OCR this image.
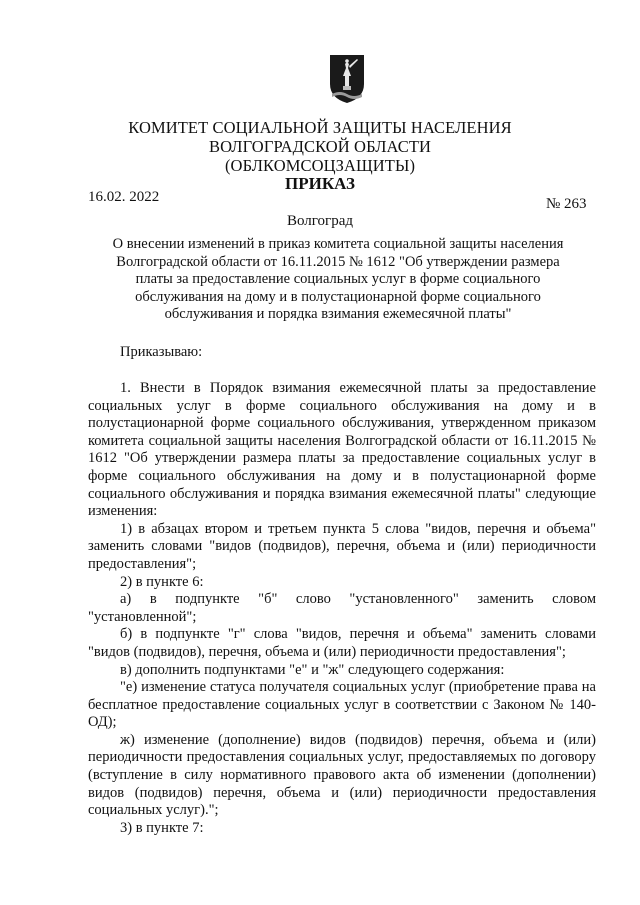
КОМИТЕТ СОЦИАЛЬНОЙ ЗАЩИТЫ НАСЕЛЕНИЯ
ВОЛГОГРАДСКОЙ ОБЛАСТИ
(ОБЛКОМСОЦЗАЩИТЫ)
ПРИКАЗ
16.02. 2022	№ 263
Волгоград
О внесении изменений в приказ комитета социальной защиты населения Волгоградской области от 16.11.2015 № 1612 "Об утверждении размера платы за предоставление социальных услуг в форме социального обслуживания на дому и в полустационарной форме социального обслуживания и порядка взимания ежемесячной платы"
Приказываю:

1. Внести в Порядок взимания ежемесячной платы за предоставление социальных услуг в форме социального обслуживания на дому и в полустационарной форме социального обслуживания, утвержденном приказом комитета социальной защиты населения Волгоградской области от 16.11.2015 № 1612 "Об утверждении размера платы за предоставление социальных услуг в форме социального обслуживания на дому и в полустационарной форме социального обслуживания и порядка взимания ежемесячной платы" следующие изменения:

1) в абзацах втором и третьем пункта 5 слова "видов, перечня и объема" заменить словами "видов (подвидов), перечня, объема и (или) периодичности предоставления";

2) в пункте 6:

а) в подпункте "б" слово "установленного" заменить словом "установленной";

б) в подпункте "г" слова "видов, перечня и объема" заменить словами "видов (подвидов), перечня, объема и (или) периодичности предоставления";

в) дополнить подпунктами "е" и "ж" следующего содержания:

"е) изменение статуса получателя социальных услуг (приобретение права на бесплатное предоставление социальных услуг в соответствии с Законом № 140-ОД);

ж) изменение (дополнение) видов (подвидов) перечня, объема и (или) периодичности предоставления социальных услуг, предоставляемых по договору (вступление в силу нормативного правового акта об изменении (дополнении) видов (подвидов) перечня, объема и (или) периодичности предоставления социальных услуг).";

3) в пункте 7:
